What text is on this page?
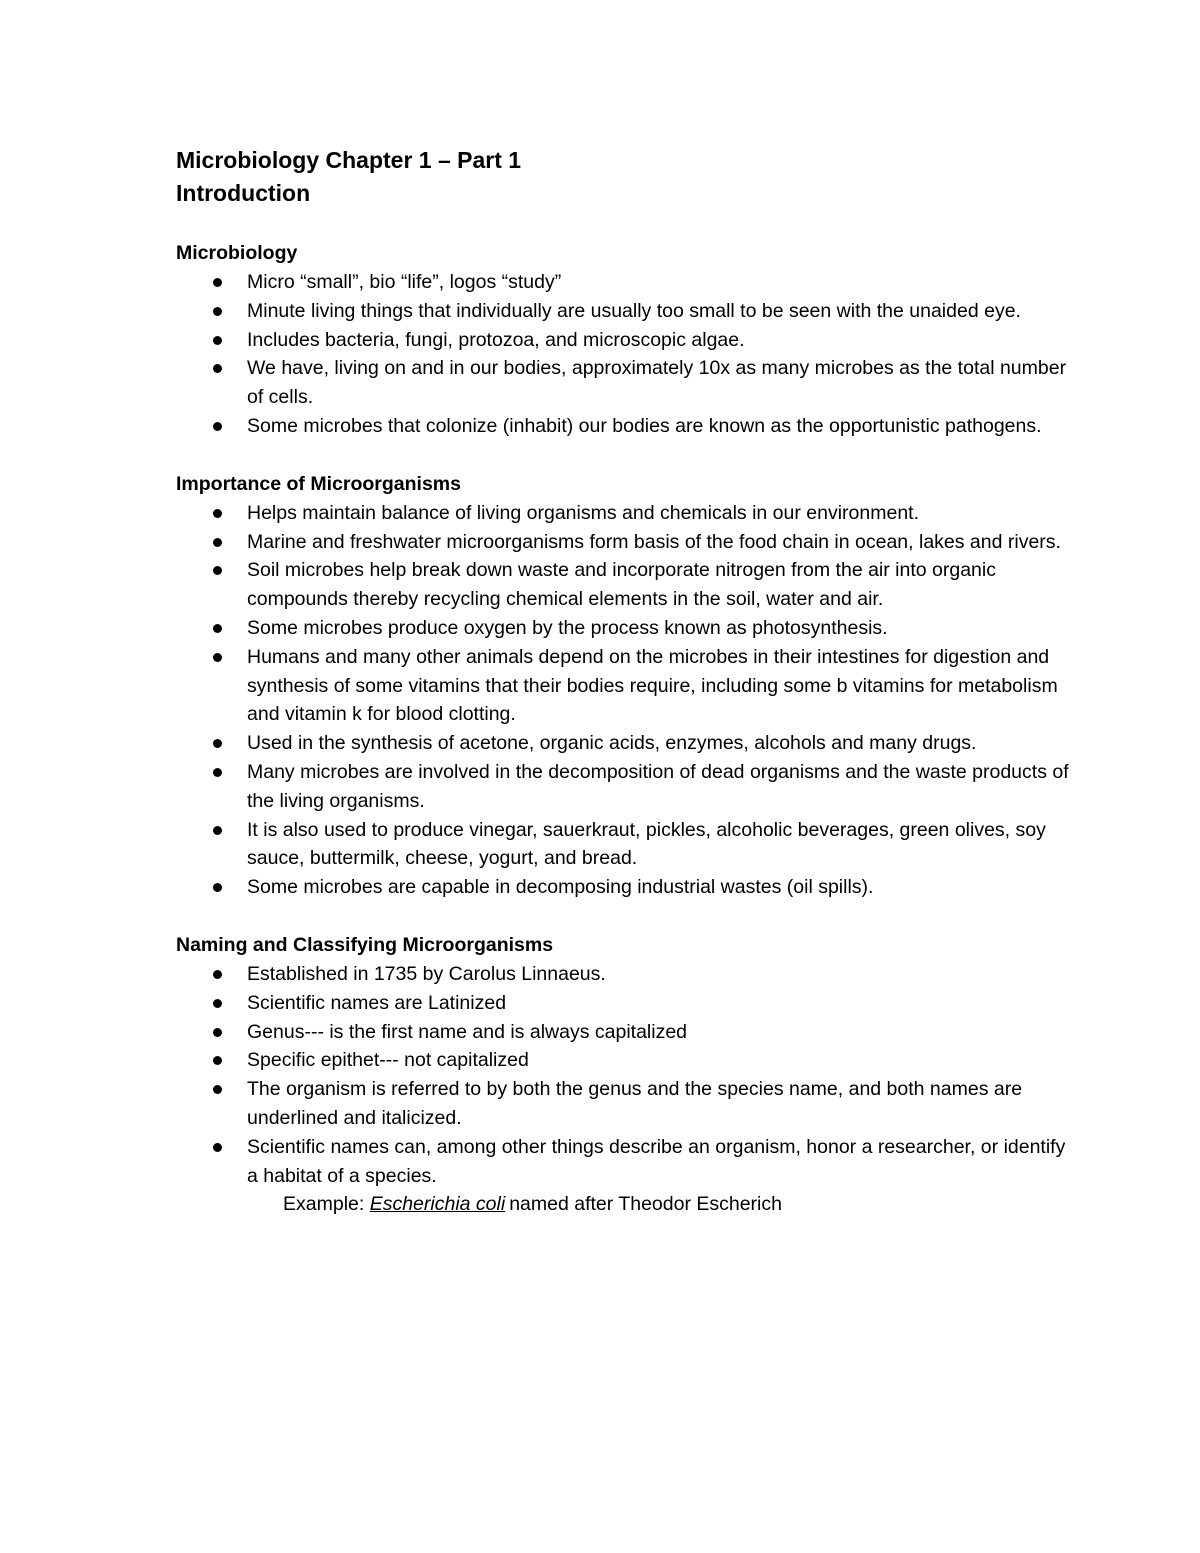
Microbiology Chapter 1 – Part 1
Introduction
Microbiology
Micro “small”, bio “life”, logos “study”
Minute living things that individually are usually too small to be seen with the unaided eye.
Includes bacteria, fungi, protozoa, and microscopic algae.
We have, living on and in our bodies, approximately 10x as many microbes as the total number of cells.
Some microbes that colonize (inhabit) our bodies are known as the opportunistic pathogens.
Importance of Microorganisms
Helps maintain balance of living organisms and chemicals in our environment.
Marine and freshwater microorganisms form basis of the food chain in ocean, lakes and rivers.
Soil microbes help break down waste and incorporate nitrogen from the air into organic compounds thereby recycling chemical elements in the soil, water and air.
Some microbes produce oxygen by the process known as photosynthesis.
Humans and many other animals depend on the microbes in their intestines for digestion and synthesis of some vitamins that their bodies require, including some b vitamins for metabolism and vitamin k for blood clotting.
Used in the synthesis of acetone, organic acids, enzymes, alcohols and many drugs.
Many microbes are involved in the decomposition of dead organisms and the waste products of the living organisms.
It is also used to produce vinegar, sauerkraut, pickles, alcoholic beverages, green olives, soy sauce, buttermilk, cheese, yogurt, and bread.
Some microbes are capable in decomposing industrial wastes (oil spills).
Naming and Classifying Microorganisms
Established in 1735 by Carolus Linnaeus.
Scientific names are Latinized
Genus--- is the first name and is always capitalized
Specific epithet--- not capitalized
The organism is referred to by both the genus and the species name, and both names are underlined and italicized.
Scientific names can, among other things describe an organism, honor a researcher, or identify a habitat of a species.
Example: Escherichia coli named after Theodor Escherich
